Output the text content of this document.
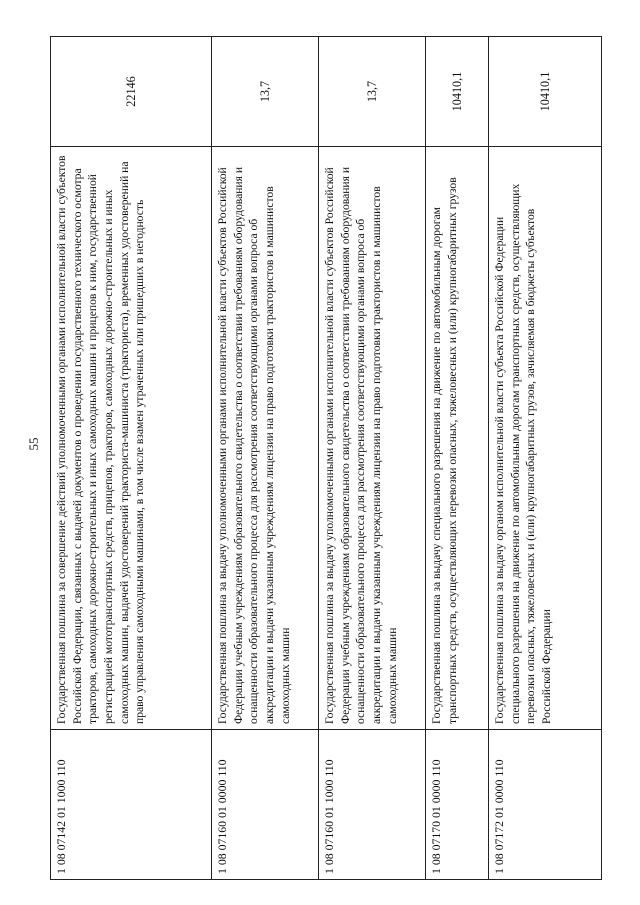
55
1 08 07142 01 1000 110	Государственная пошлина за совершение действий уполномоченными органами исполнительной власти субъектов Российской Федерации, связанных с выдачей документов о проведении государственного технического осмотра тракторов, самоходных дорожно-строительных и иных самоходных машин и прицепов к ним, государственной регистрацией мототранспортных средств, прицепов, тракторов, самоходных дорожно-строительных и иных самоходных машин, выдачей удостоверений тракториста-машиниста (тракториста), временных удостоверений на право управления самоходными машинами, в том числе взамен утраченных или пришедших в негодность	22146
1 08 07160 01 0000 110	Государственная пошлина за выдачу уполномоченными органами исполнительной власти субъектов Российской Федерации учебным учреждениям образовательного свидетельства о соответствии требованиям оборудования и оснащенности образовательного процесса для рассмотрения соответствующими органами вопроса об аккредитации и выдачи указанным учреждениям лицензии на право подготовки трактористов и машинистов самоходных машин	13,7
1 08 07160 01 1000 110	Государственная пошлина за выдачу уполномоченными органами исполнительной власти субъектов Российской Федерации учебным учреждениям образовательного свидетельства о соответствии требованиям оборудования и оснащенности образовательного процесса для рассмотрения соответствующими органами вопроса об аккредитации и выдачи указанным учреждениям лицензии на право подготовки трактористов и машинистов самоходных машин	13,7
1 08 07170 01 0000 110	Государственная пошлина за выдачу специального разрешения на движение по автомобильным дорогам транспортных средств, осуществляющих перевозки опасных, тяжеловесных и (или) крупногабаритных грузов	10410,1
1 08 07172 01 0000 110	Государственная пошлина за выдачу органом исполнительной власти субъекта Российской Федерации специального разрешения на движение по автомобильным дорогам транспортных средств, осуществляющих перевозки опасных, тяжеловесных и (или) крупногабаритных грузов, зачисляемая в бюджеты субъектов Российской Федерации	10410,1
